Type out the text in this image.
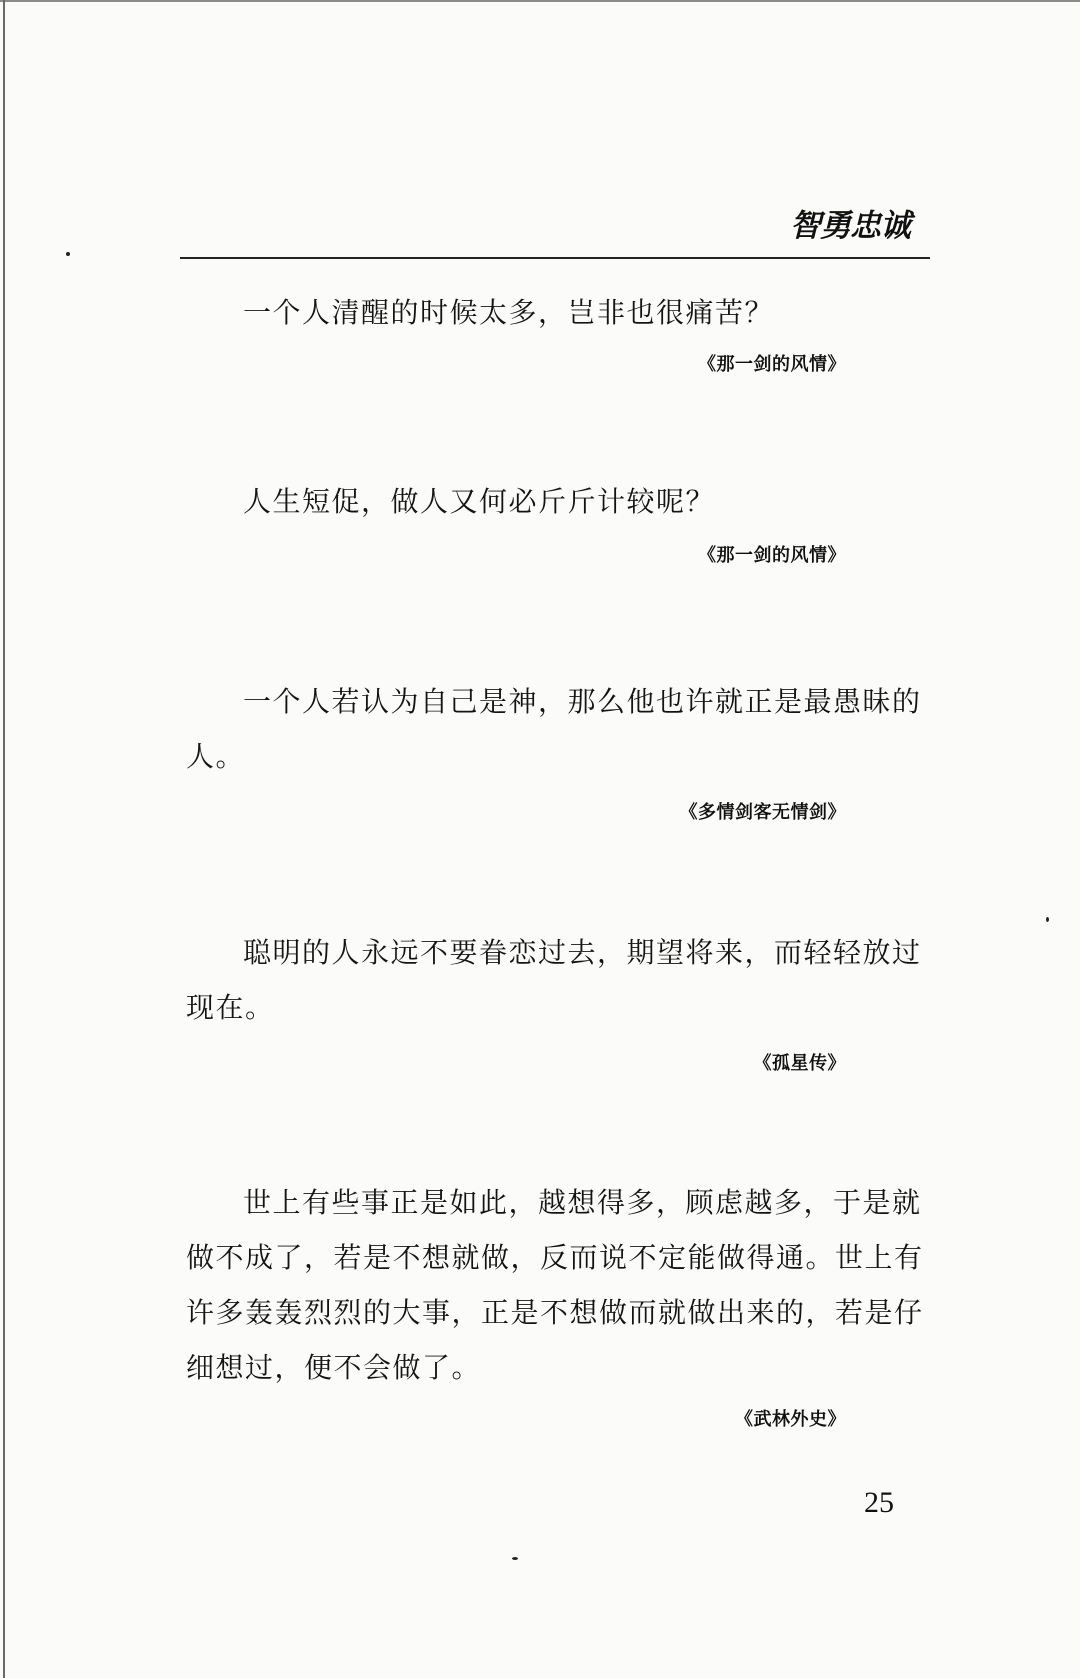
智勇忠诚

一个人清醒的时候太多，岂非也很痛苦？

《那一剑的风情》

人生短促，做人又何必斤斤计较呢？

《那一剑的风情》

一个人若认为自己是神，那么他也许就正是最愚昧的人。

《多情剑客无情剑》

聪明的人永远不要眷恋过去，期望将来，而轻轻放过现在。

《孤星传》

世上有些事正是如此，越想得多，顾虑越多，于是就做不成了，若是不想就做，反而说不定能做得通。世上有许多轰轰烈烈的大事，正是不想做而就做出来的，若是仔细想过，便不会做了。

《武林外史》
25
